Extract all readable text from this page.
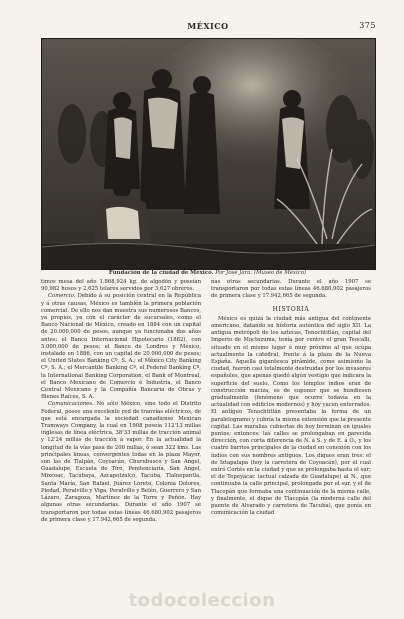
MÉXICO	375
Fundación de la ciudad de México. Por José Jara. (Museo de México)

timos mesa del año 1.868,924 kg. de algodón y poseían 90,982 husos y 2,625 telares servidos por 3,627 obreros.

Comercio. Debido á su posición central en la República y á otras causas, México es también la primera población comercial. De ello nos dan muestra sus numerosos Bancos, ya propios, ya con el carácter de sucursales, como el Banco Nacional de México, creado en 1884 con un capital de 20.000,000 de pesos, aunque ya funcionaba dos años antes; el Banco Internacional Hipotecario (1882), con 5.000,000 de pesos; el Banco de Londres y México, instalado en 1886, con un capital de 20.000,000 de pesos; el United States Banking Cº, S. A.; el México City Banking Cº, S. A.; el Mercantile Banking Cº, el Federal Banking Cº, la International Banking Corporation, el Bank of Montreal, el Banco Mexicano de Comercio é Industria, el Banco Central Mexicano y la Compañía Bancaria de Obras y Bienes Raíces, S. A.

Comunicaciones. No sólo México, sino todo el Distrito Federal, posee una excelente red de tranvías eléctricos, de que está encargada la sociedad canadiense Mexican Tramways Company, la cual en 1908 poseía 112'13 millas inglesas de línea eléctrica, 38'33 millas de tracción animal y 12'24 millas de tracción á vapor. En la actualidad la longitud de la vías pasa de 200 millas, ó sean 322 kms. Las principales líneas, convergentes todas en la plaza Mayor, son las de Tlalpán, Coyoacán, Churubusco y San Angel, Guadalupe, Escuela de Tiro, Penitenciaría, San Angel, Mixcoac, Tacubaya, Azcapotzalco, Tacuba, Tlalnepantla, Santa María, San Rafael, Juárez Loreto, Colonia Dolores, Piedad, Peralvillo y Viga, Peralvillo y Belén, Guerrero y San Lázaro, Zaragoza, Martínez de la Torre y Peñón. Hay algunas otras secundarias. Durante el año 1907 se transportaron por todas estas líneas 46.680,902 pasajeros de primera clase y 17.942,665 de segunda.

nas otras secundarias. Durante el año 1907 se transportaron por todas estas líneas 46.680,902 pasajeros de primera clase y 17.942,665 de segunda.

HISTORIA

México es quizá la ciudad más antigua del continente americano, datando su historia auténtica del siglo XII. La antigua metrópoli de los aztecas, Tenochtitlán, capital del Imperio de Moctezuma, tenía por centro el gran Teocalli, situado en el mismo lugar ó muy próximo al que ocupa actualmente la catedral, frente á la plaza de la Nueva España. Aquella gigantesca pirámide, como asimismo la ciudad, fueron casi totalmente destruidas por los invasores españoles, que apenas quedó algún vestigio que indicara la superficie del suelo. Como los templos indios eran de construcción maciza, es de suponer que se hundiesen gradualmente (fenómeno que ocurre todavía en la actualidad con edificios modernos) y hoy yacen enterrados. El antiguo Tenochtitlán presentaba la forma de un paralelogramo y cubría la misma extensión que la presente capital. Las muralias cubiertas de hoy terminan en iguales puntos; entonces; las calles se prolongaban en parecida dirección, con corta diferencia de N. á S. y de E. á O., y los cuatro barrios principales de la ciudad en conexión con los índios con sus nombres antiguos. Los diques eran tres: el de Iztapalapa (hoy la carretera de Coyoacán), por el cual entró Cortés en la ciudad y que se prolongaba hasta el sur; el de Tepeyacac (actual calzada de Guadalupe) al N., que continuaba la calle principal, prolongada por el sur, y el de Tlacopán que formaba una continuación de la misma calle, y finalmente, el dique de Tlacopán (la moderna calle del puente de Alvarado y carretera de Tacuba), que ponía en comunicación la ciudad

todocoleccion
